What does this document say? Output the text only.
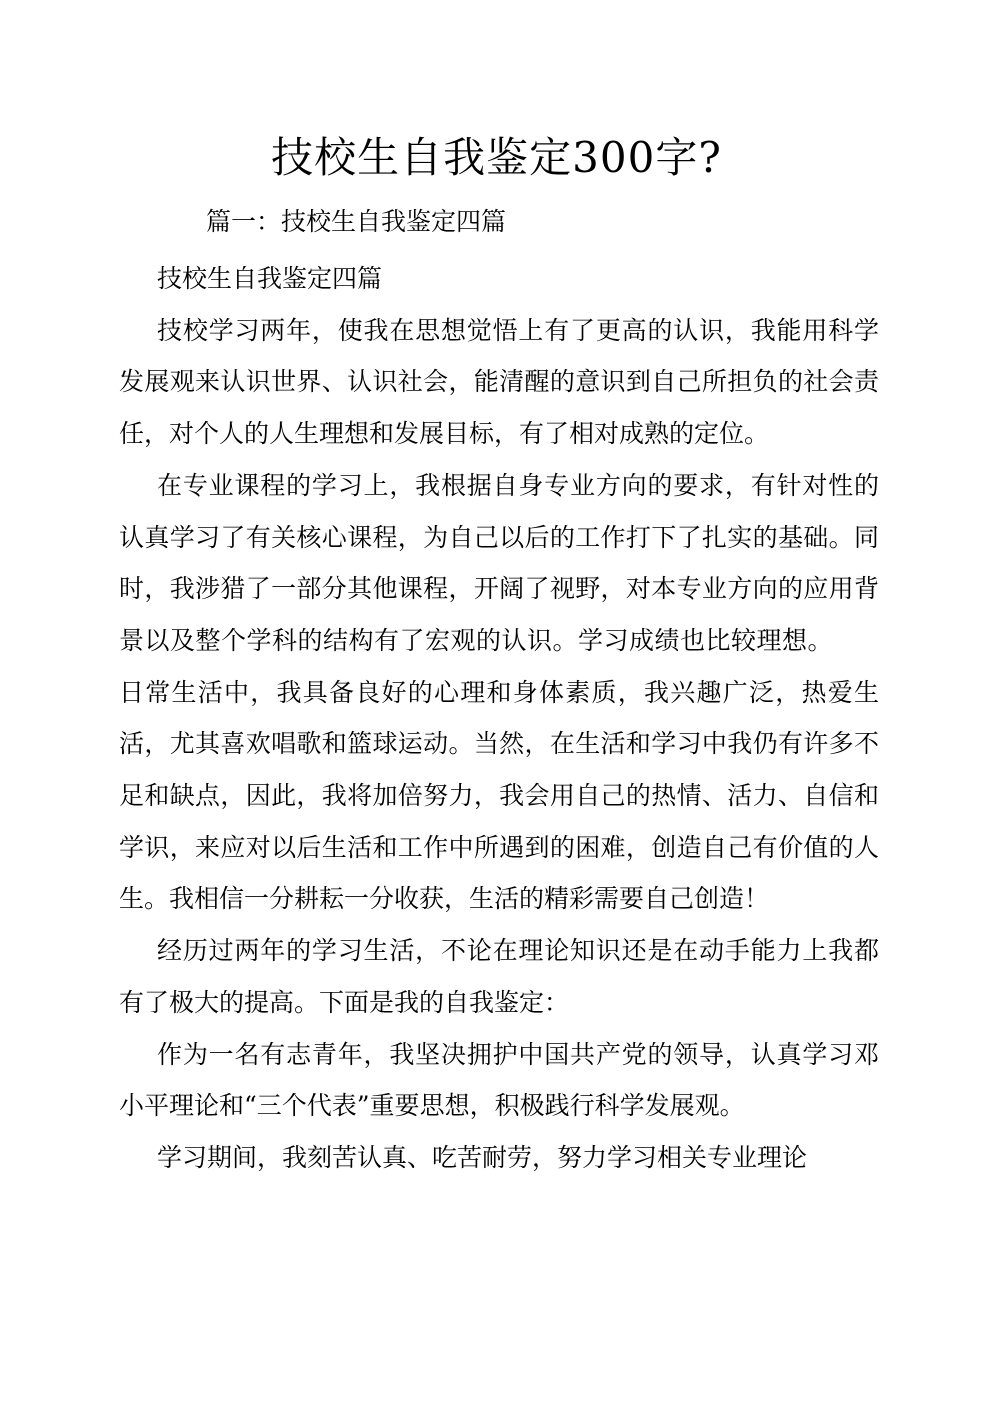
技校生自我鉴定300字?
篇一：技校生自我鉴定四篇

技校生自我鉴定四篇

技校学习两年，使我在思想觉悟上有了更高的认识，我能用科学发展观来认识世界、认识社会，能清醒的意识到自己所担负的社会责任，对个人的人生理想和发展目标，有了相对成熟的定位。

在专业课程的学习上，我根据自身专业方向的要求，有针对性的认真学习了有关核心课程，为自己以后的工作打下了扎实的基础。同时，我涉猎了一部分其他课程，开阔了视野，对本专业方向的应用背景以及整个学科的结构有了宏观的认识。学习成绩也比较理想。日常生活中，我具备良好的心理和身体素质，我兴趣广泛，热爱生活，尤其喜欢唱歌和篮球运动。当然，在生活和学习中我仍有许多不足和缺点，因此，我将加倍努力，我会用自己的热情、活力、自信和学识，来应对以后生活和工作中所遇到的困难，创造自己有价值的人生。我相信一分耕耘一分收获，生活的精彩需要自己创造！

经历过两年的学习生活，不论在理论知识还是在动手能力上我都有了极大的提高。下面是我的自我鉴定：

作为一名有志青年，我坚决拥护中国共产党的领导，认真学习邓小平理论和“三个代表”重要思想，积极践行科学发展观。

学习期间，我刻苦认真、吃苦耐劳，努力学习相关专业理论
